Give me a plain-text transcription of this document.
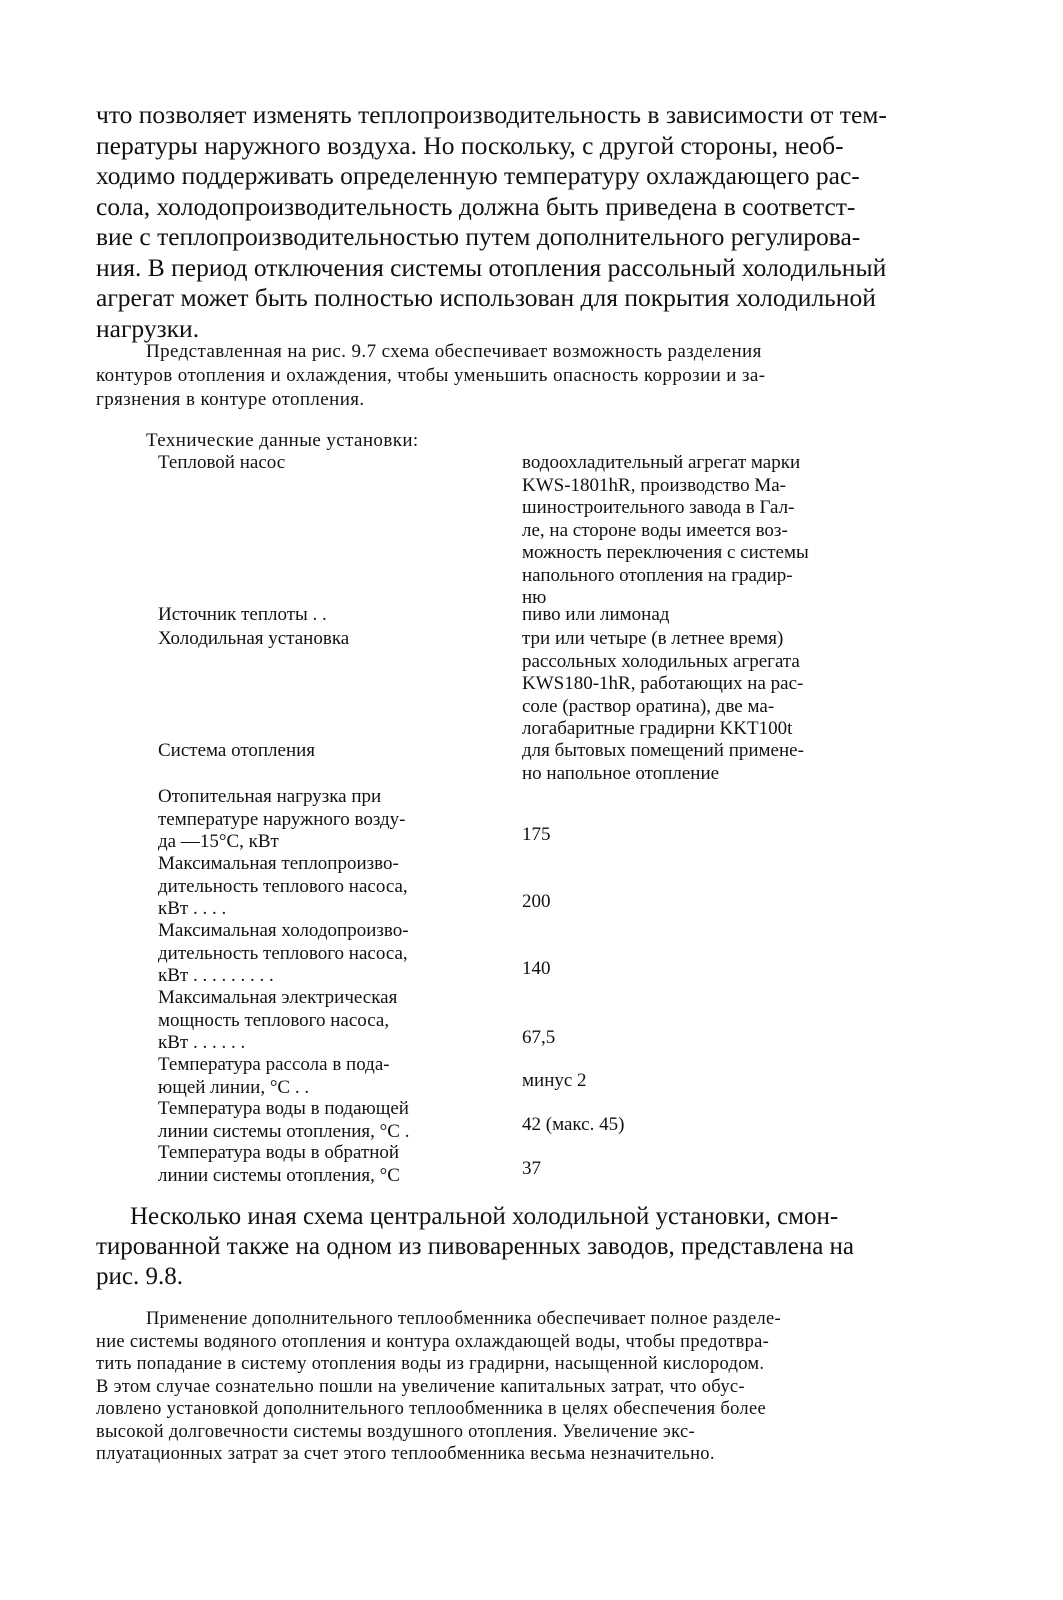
что позволяет изменять теплопроизводительность в зависимости от тем-
пературы наружного воздуха. Но поскольку, с другой стороны, необ-
ходимо поддерживать определенную температуру охлаждающего рас-
сола, холодопроизводительность должна быть приведена в соответст-
вие с теплопроизводительностью путем дополнительного регулирова-
ния. В период отключения системы отопления рассольный холодильный
агрегат может быть полностью использован для покрытия холодильной
нагрузки.
Представленная на рис. 9.7 схема обеспечивает возможность разделения
контуров отопления и охлаждения, чтобы уменьшить опасность коррозии и за-
грязнения в контуре отопления.
Технические данные установки:
Тепловой насос	водоохладительный агрегат марки
KWS-1801hR, производство Ма-
шиностроительного завода в Гал-
ле, на стороне воды имеется воз-
можность переключения с системы
напольного отопления на градир-
ню
Источник теплоты . .	пиво или лимонад
Холодильная установка	три или четыре (в летнее время)
рассольных холодильных агрегата
KWS180-1hR, работающих на рас-
соле (раствор оратина), две ма-
логабаритные градирни KKT100t
Система отопления	для бытовых помещений примене-
но напольное отопление
Отопительная нагрузка при
температуре наружного возду-
да —15°С, кВт	175
Максимальная теплопроизво-
дительность теплового насоса,
кВт . . . .	200
Максимальная холодопроизво-
дительность теплового насоса,
кВт . . . . . . . . .	140
Максимальная электрическая
мощность теплового насоса,
кВт . . . . . .	67,5
Температура рассола в пода-
ющей линии, °С . .	минус 2
Температура воды в подающей
линии системы отопления, °С .	42 (макс. 45)
Температура воды в обратной
линии системы отопления, °С	37
Несколько иная схема центральной холодильной установки, смон-
тированной также на одном из пивоваренных заводов, представлена на
рис. 9.8.
Применение дополнительного теплообменника обеспечивает полное разделе-
ние системы водяного отопления и контура охлаждающей воды, чтобы предотвра-
тить попадание в систему отопления воды из градирни, насыщенной кислородом.
В этом случае сознательно пошли на увеличение капитальных затрат, что обус-
ловлено установкой дополнительного теплообменника в целях обеспечения более
высокой долговечности системы воздушного отопления. Увеличение экс-
плуатационных затрат за счет этого теплообменника весьма незначительно.
